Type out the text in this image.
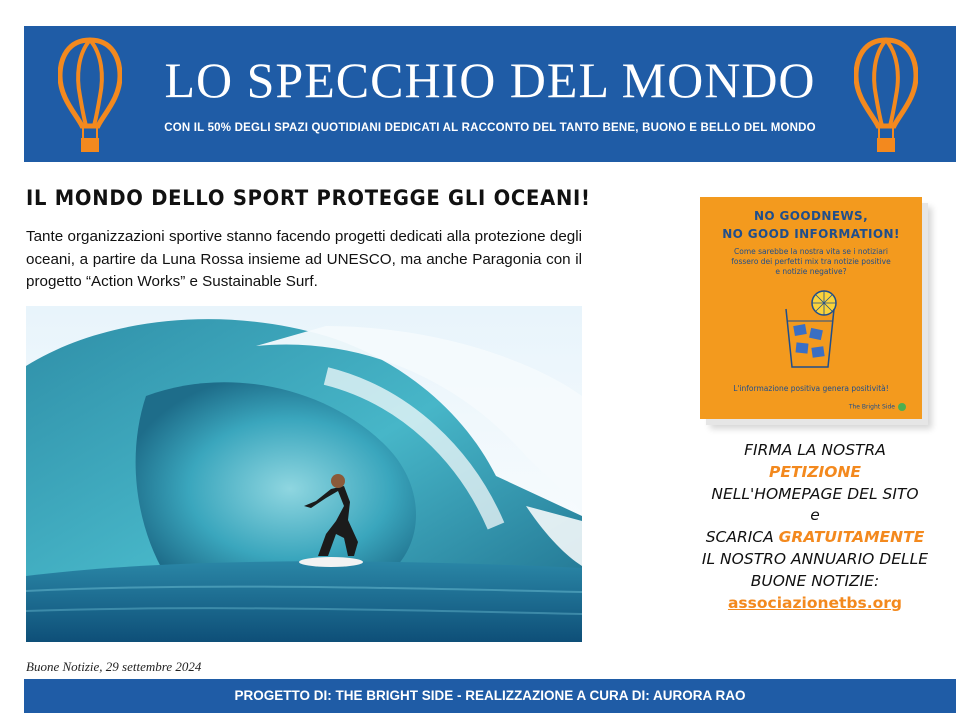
LO SPECCHIO DEL MONDO
CON IL 50% DEGLI SPAZI QUOTIDIANI DEDICATI AL RACCONTO DEL TANTO BENE, BUONO E BELLO DEL MONDO
IL MONDO DELLO SPORT PROTEGGE GLI OCEANI!
Tante organizzazioni sportive stanno facendo progetti dedicati alla protezione degli oceani, a partire da Luna Rossa insieme ad UNESCO, ma anche Paragonia con il progetto “Action Works” e Sustainable Surf.
Buone Notizie, 29 settembre 2024
NO GOODNEWS,
NO GOOD INFORMATION!
Come sarebbe la nostra vita se i notiziari fossero dei perfetti mix tra notizie positive e notizie negative?
L'informazione positiva genera positività!
The Bright Side
FIRMA LA NOSTRA
PETIZIONE
NELL'HOMEPAGE DEL SITO
e
SCARICA GRATUITAMENTE
IL NOSTRO ANNUARIO DELLE
BUONE NOTIZIE:
associazionetbs.org
PROGETTO DI: THE BRIGHT SIDE - REALIZZAZIONE A CURA DI: AURORA RAO
